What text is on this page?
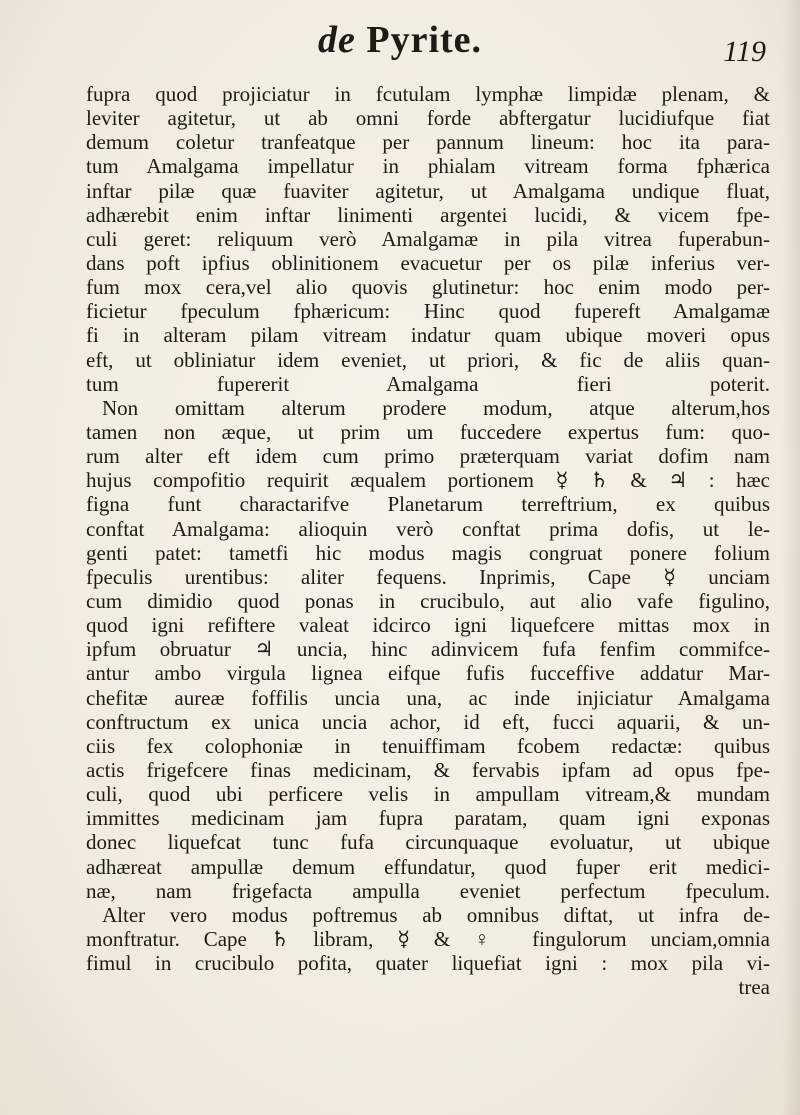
de Pyrite.	119
fupra quod projiciatur in fcutulam lymphæ limpidæ plenam, &
leviter agitetur, ut ab omni forde abftergatur lucidiufque fiat
demum coletur tranfeatque per pannum lineum: hoc ita para-
tum Amalgama impellatur in phialam vitream forma fphærica
inftar pilæ quæ fuaviter agitetur, ut Amalgama undique fluat,
adhærebit enim inftar linimenti argentei lucidi, & vicem fpe-
culi geret: reliquum verò Amalgamæ in pila vitrea fuperabun-
dans poft ipfius oblinitionem evacuetur per os pilæ inferius ver-
fum mox cera,vel alio quovis glutinetur: hoc enim modo per-
ficietur fpeculum fphæricum: Hinc quod fupereft Amalgamæ
fi in alteram pilam vitream indatur quam ubique moveri opus
eft, ut obliniatur idem eveniet, ut priori, & fic de aliis quan-
tum fupererit Amalgama fieri poterit.
Non omittam alterum prodere modum, atque alterum,hos
tamen non æque, ut prim um fuccedere expertus fum: quo-
rum alter eft idem cum primo præterquam variat dofim nam
hujus compofitio requirit æqualem portionem ☿ ♄ & ♃ : hæc
figna funt charactarifve Planetarum terreftrium, ex quibus
conftat Amalgama: alioquin verò conftat prima dofis, ut le-
genti patet: tametfi hic modus magis congruat ponere folium
fpeculis urentibus: aliter fequens. Inprimis, Cape ☿ unciam
cum dimidio quod ponas in crucibulo, aut alio vafe figulino,
quod igni refiftere valeat idcirco igni liquefcere mittas mox in
ipfum obruatur ♃ uncia, hinc adinvicem fufa fenfim commifce-
antur ambo virgula lignea eifque fufis fucceffive addatur Mar-
chefitæ aureæ foffilis uncia una, ac inde injiciatur Amalgama
conftructum ex unica uncia achor, id eft, fucci aquarii, & un-
ciis fex colophoniæ in tenuiffimam fcobem redactæ: quibus
actis frigefcere finas medicinam, & fervabis ipfam ad opus fpe-
culi, quod ubi perficere velis in ampullam vitream,& mundam
immittes medicinam jam fupra paratam, quam igni exponas
donec liquefcat tunc fufa circunquaque evoluatur, ut ubique
adhæreat ampullæ demum effundatur, quod fuper erit medici-
næ, nam frigefacta ampulla eveniet perfectum fpeculum.
Alter vero modus poftremus ab omnibus diftat, ut infra de-
monftratur. Cape ♄ libram, ☿ & ♀ fingulorum unciam,omnia
fimul in crucibulo pofita, quater liquefiat igni : mox pila vi-
trea
